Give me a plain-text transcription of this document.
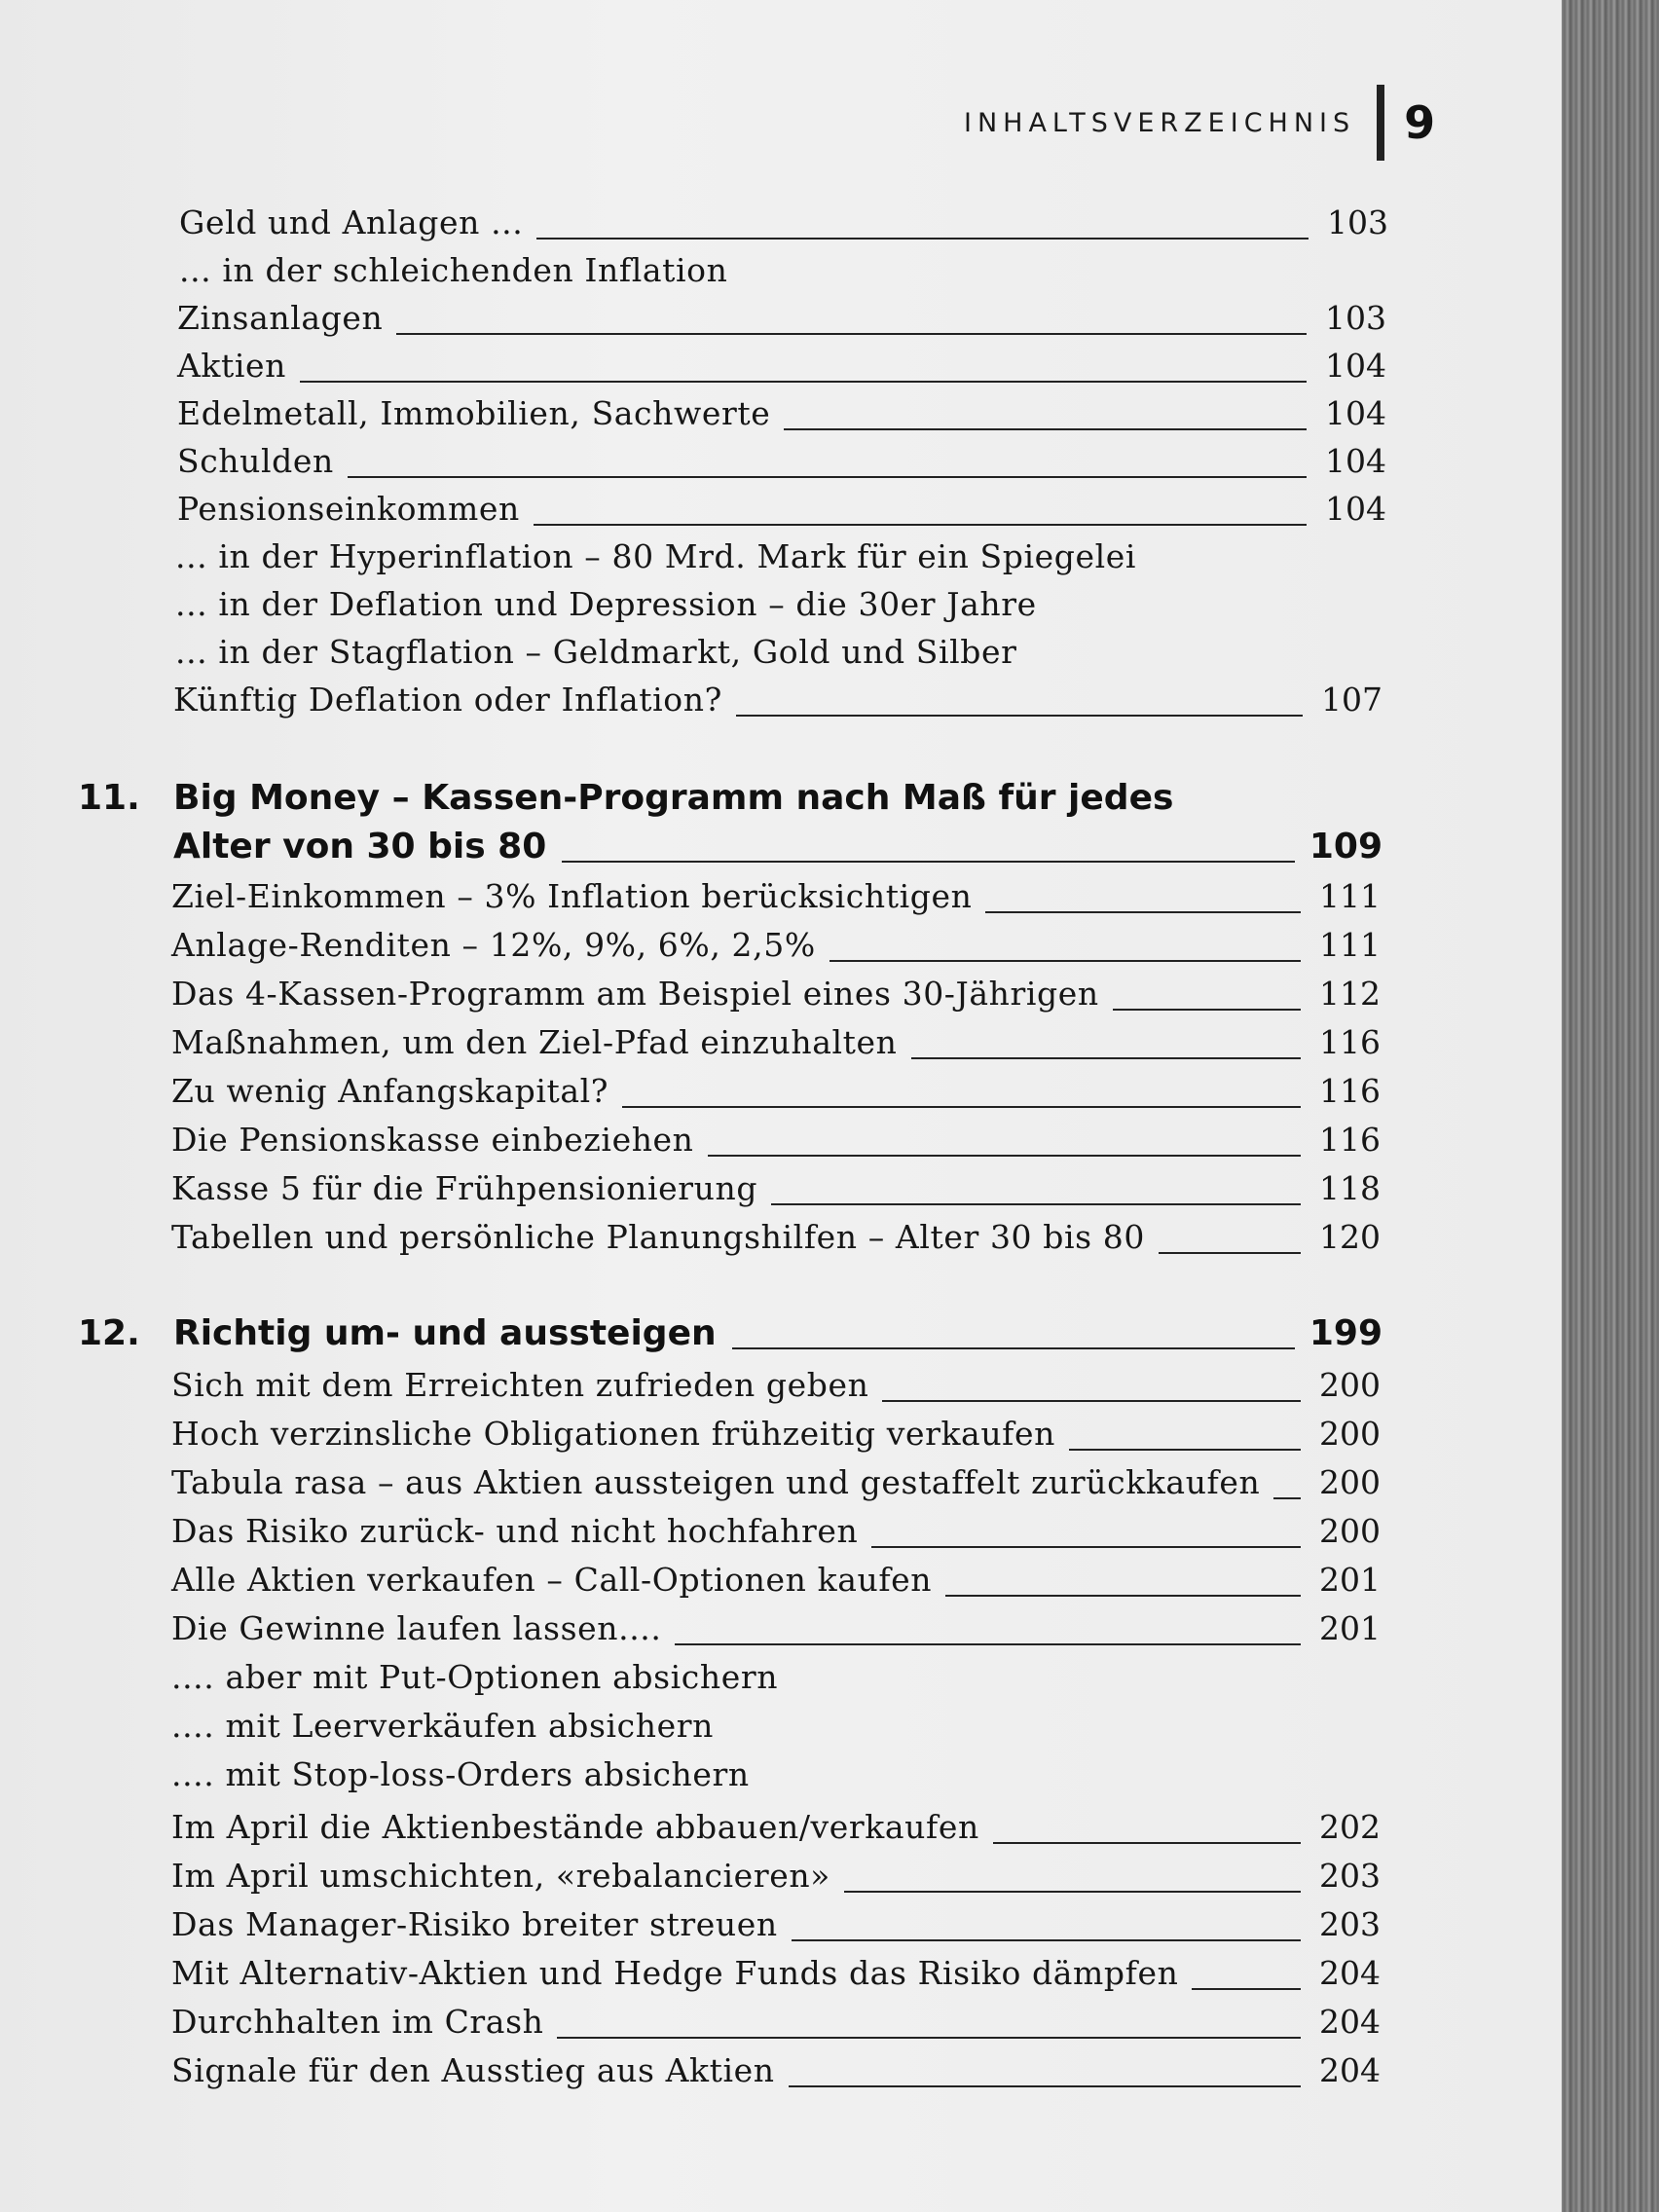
INHALTSVERZEICHNIS 9
Geld und Anlagen ...	103
... in der schleichenden Inflation
Zinsanlagen	103
Aktien	104
Edelmetall, Immobilien, Sachwerte	104
Schulden	104
Pensionseinkommen	104
... in der Hyperinflation – 80 Mrd. Mark für ein Spiegelei
... in der Deflation und Depression – die 30er Jahre
... in der Stagflation – Geldmarkt, Gold und Silber
Künftig Deflation oder Inflation?	107
11. Big Money – Kassen-Programm nach Maß für jedes
Alter von 30 bis 80	109
Ziel-Einkommen – 3% Inflation berücksichtigen	111
Anlage-Renditen – 12%, 9%, 6%, 2,5%	111
Das 4-Kassen-Programm am Beispiel eines 30-Jährigen	112
Maßnahmen, um den Ziel-Pfad einzuhalten	116
Zu wenig Anfangskapital?	116
Die Pensionskasse einbeziehen	116
Kasse 5 für die Frühpensionierung	118
Tabellen und persönliche Planungshilfen – Alter 30 bis 80	120
12. Richtig um- und aussteigen	199
Sich mit dem Erreichten zufrieden geben	200
Hoch verzinsliche Obligationen frühzeitig verkaufen	200
Tabula rasa – aus Aktien aussteigen und gestaffelt zurückkaufen 200
Das Risiko zurück- und nicht hochfahren	200
Alle Aktien verkaufen – Call-Optionen kaufen	201
Die Gewinne laufen lassen....	201
.... aber mit Put-Optionen absichern
.... mit Leerverkäufen absichern
.... mit Stop-loss-Orders absichern
Im April die Aktienbestände abbauen/verkaufen	202
Im April umschichten, «rebalancieren»	203
Das Manager-Risiko breiter streuen	203
Mit Alternativ-Aktien und Hedge Funds das Risiko dämpfen	204
Durchhalten im Crash	204
Signale für den Ausstieg aus Aktien	204
